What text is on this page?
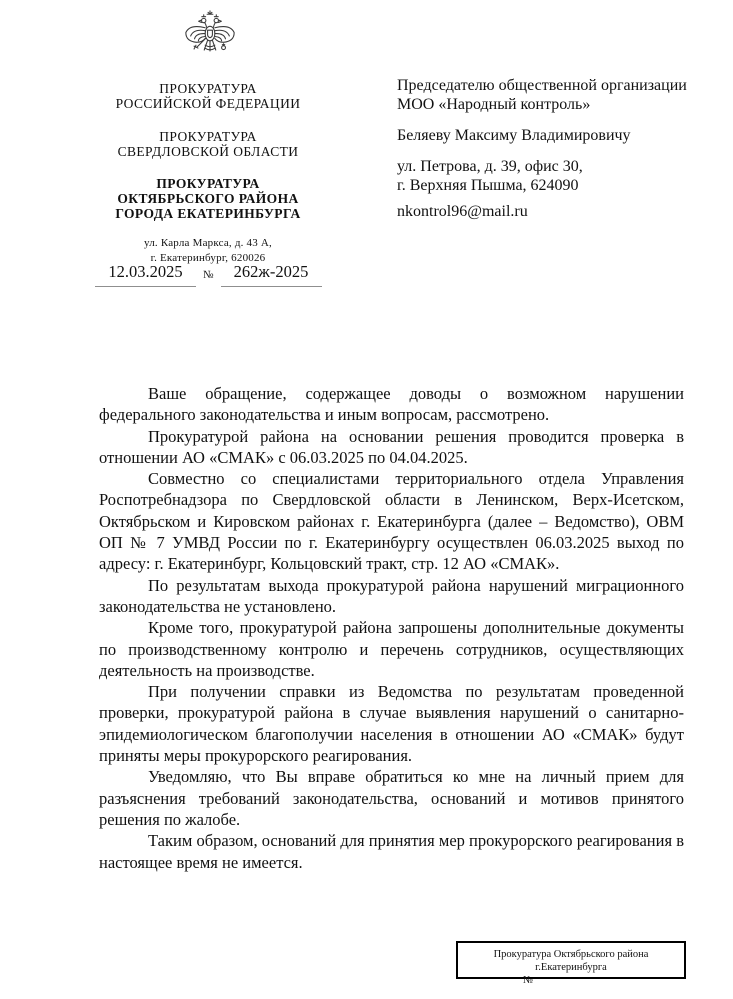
ПРОКУРАТУРА
РОССИЙСКОЙ ФЕДЕРАЦИИ
ПРОКУРАТУРА
СВЕРДЛОВСКОЙ ОБЛАСТИ
ПРОКУРАТУРА
ОКТЯБРЬСКОГО РАЙОНА
ГОРОДА ЕКАТЕРИНБУРГА
ул. Карла Маркса, д. 43 А,
г. Екатеринбург, 620026
12.03.2025	№	262ж-2025
Председателю общественной организации МОО «Народный контроль»
Беляеву Максиму Владимировичу
ул. Петрова, д. 39, офис 30,
г. Верхняя Пышма, 624090
nkontrol96@mail.ru

Ваше обращение, содержащее доводы о возможном нарушении федерального законодательства и иным вопросам, рассмотрено.

Прокуратурой района на основании решения проводится проверка в отношении АО «СМАК» с 06.03.2025 по 04.04.2025.

Совместно со специалистами территориального отдела Управления Роспотребнадзора по Свердловской области в Ленинском, Верх-Исетском, Октябрьском и Кировском районах г. Екатеринбурга (далее – Ведомство), ОВМ ОП № 7 УМВД России по г. Екатеринбургу осуществлен 06.03.2025 выход по адресу: г. Екатеринбург, Кольцовский тракт, стр. 12 АО «СМАК».

По результатам выхода прокуратурой района нарушений миграционного законодательства не установлено.

Кроме того, прокуратурой района запрошены дополнительные документы по производственному контролю и перечень сотрудников, осуществляющих деятельность на производстве.

При получении справки из Ведомства по результатам проведенной проверки, прокуратурой района в случае выявления нарушений о санитарно-эпидемиологическом благополучии населения в отношении АО «СМАК» будут приняты меры прокурорского реагирования.

Уведомляю, что Вы вправе обратиться ко мне на личный прием для разъяснения требований законодательства, оснований и мотивов принятого решения по жалобе.

Таким образом, оснований для принятия мер прокурорского реагирования в настоящее время не имеется.

Прокуратура Октябрьского района г.Екатеринбурга
№
